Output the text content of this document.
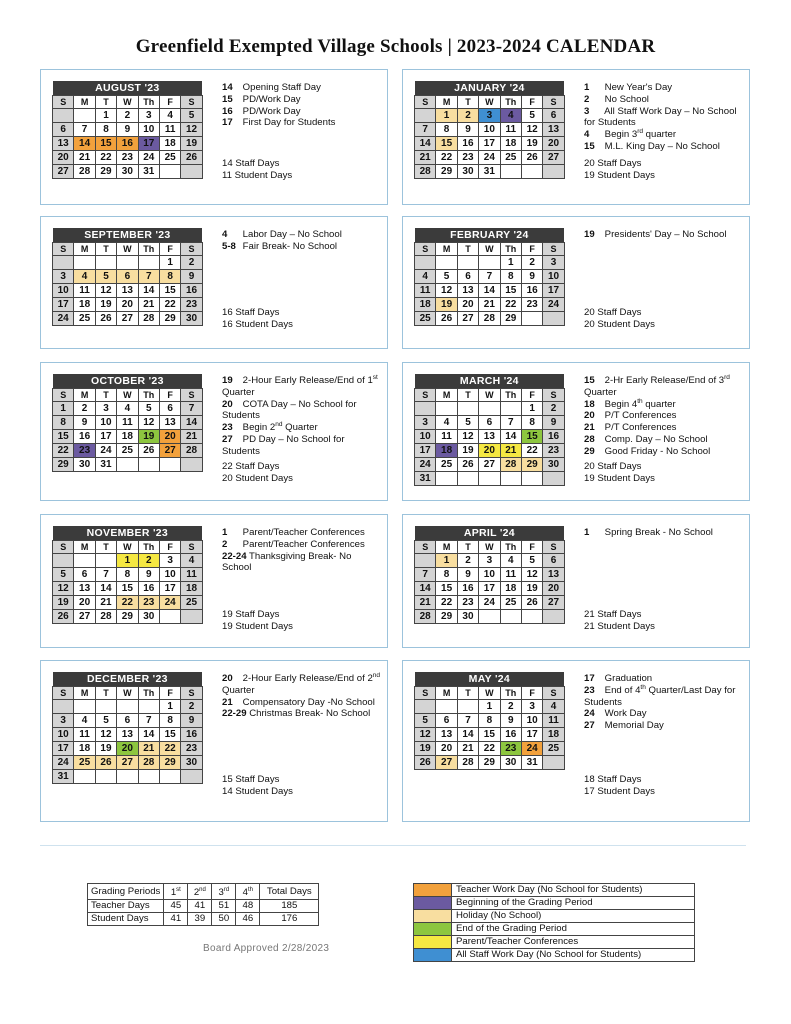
Greenfield Exempted Village Schools | 2023-2024 CALENDAR
AUGUST '23						
S	M	T	W	Th	F	S
		1	2	3	4	5
6	7	8	9	10	11	12
13	14	15	16	17	18	19
20	21	22	23	24	25	26
27	28	29	30	31		
14 Opening Staff Day
15 PD/Work Day
16 PD/Work Day
17 First Day for Students
14 Staff Days
11 Student Days
JANUARY '24						
S	M	T	W	Th	F	S
	1	2	3	4	5	6
7	8	9	10	11	12	13
14	15	16	17	18	19	20
21	22	23	24	25	26	27
28	29	30	31			
1 New Year's Day
2 No School
3 All Staff Work Day – No School for Students
4 Begin 3rd quarter
15 M.L. King Day – No School
20 Staff Days
19 Student Days
SEPTEMBER '23						
S	M	T	W	Th	F	S
					1	2
3	4	5	6	7	8	9
10	11	12	13	14	15	16
17	18	19	20	21	22	23
24	25	26	27	28	29	30
4 Labor Day – No School
5-8 Fair Break- No School
16 Staff Days
16 Student Days
FEBRUARY '24						
S	M	T	W	Th	F	S
				1	2	3
4	5	6	7	8	9	10
11	12	13	14	15	16	17
18	19	20	21	22	23	24
25	26	27	28	29		
19 Presidents' Day – No School
20 Staff Days
20 Student Days
OCTOBER '23						
S	M	T	W	Th	F	S
1	2	3	4	5	6	7
8	9	10	11	12	13	14
15	16	17	18	19	20	21
22	23	24	25	26	27	28
29	30	31				
19 2-Hour Early Release/End of 1st Quarter
20 COTA Day – No School for Students
23 Begin 2nd Quarter
27 PD Day – No School for Students
22 Staff Days
20 Student Days
MARCH '24						
S	M	T	W	Th	F	S
					1	2
3	4	5	6	7	8	9
10	11	12	13	14	15	16
17	18	19	20	21	22	23
24	25	26	27	28	29	30
31						
15 2-Hr Early Release/End of 3rd Quarter
18 Begin 4th quarter
20 P/T Conferences
21 P/T Conferences
28 Comp. Day – No School
29 Good Friday - No School
20 Staff Days
19 Student Days
NOVEMBER '23						
S	M	T	W	Th	F	S
			1	2	3	4
5	6	7	8	9	10	11
12	13	14	15	16	17	18
19	20	21	22	23	24	25
26	27	28	29	30		
1 Parent/Teacher Conferences
2 Parent/Teacher Conferences
22-24 Thanksgiving Break- No School
19 Staff Days
19 Student Days
APRIL '24						
S	M	T	W	Th	F	S
	1	2	3	4	5	6
7	8	9	10	11	12	13
14	15	16	17	18	19	20
21	22	23	24	25	26	27
28	29	30				
1 Spring Break - No School
21 Staff Days
21 Student Days
DECEMBER '23						
S	M	T	W	Th	F	S
					1	2
3	4	5	6	7	8	9
10	11	12	13	14	15	16
17	18	19	20	21	22	23
24	25	26	27	28	29	30
31						
20 2-Hour Early Release/End of 2nd Quarter
21 Compensatory Day -No School
22-29 Christmas Break- No School
15 Staff Days
14 Student Days
MAY '24						
S	M	T	W	Th	F	S
			1	2	3	4
5	6	7	8	9	10	11
12	13	14	15	16	17	18
19	20	21	22	23	24	25
26	27	28	29	30	31	
17 Graduation
23 End of 4th Quarter/Last Day for Students
24 Work Day
27 Memorial Day
18 Staff Days
17 Student Days
Grading Periods	1st	2nd	3rd	4th	Total Days
Teacher Days	45	41	51	48	185
Student Days	41	39	50	46	176
	Teacher Work Day (No School for Students)
	Beginning of the Grading Period
	Holiday (No School)
	End of the Grading Period
	Parent/Teacher Conferences
	All Staff Work Day (No School for Students)
Board Approved 2/28/2023
